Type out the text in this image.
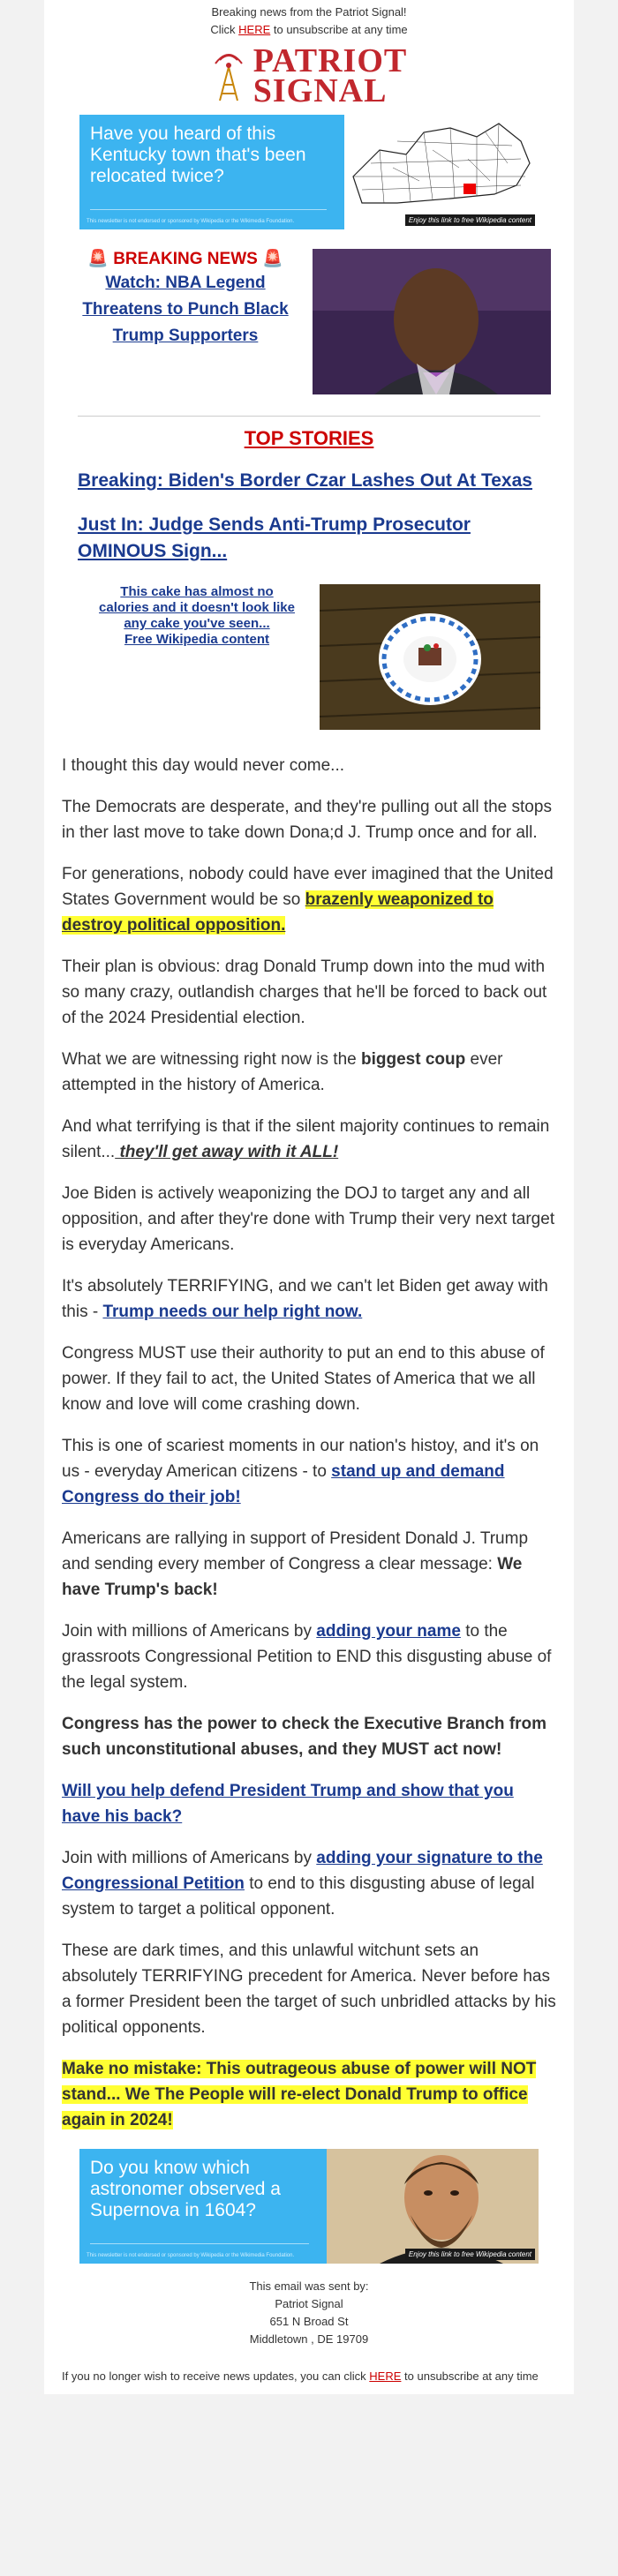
Breaking news from the Patriot Signal!
Click HERE to unsubscribe at any time
PATRIOT
SIGNAL
Have you heard of this Kentucky town that's been relocated twice?
This newsletter is not endorsed or sponsored by Wikipedia or the Wikimedia Foundation.	Enjoy this link to free Wikipedia content
🚨 BREAKING NEWS 🚨
Watch: NBA Legend Threatens to Punch Black Trump Supporters
TOP STORIES
Breaking: Biden's Border Czar Lashes Out At Texas
Just In: Judge Sends Anti-Trump Prosecutor OMINOUS Sign...
This cake has almost no calories and it doesn't look like any cake you've seen...
Free Wikipedia content

I thought this day would never come...

The Democrats are desperate, and they're pulling out all the stops in ther last move to take down Dona;d J. Trump once and for all.

For generations, nobody could have ever imagined that the United States Government would be so brazenly weaponized to destroy political opposition.

Their plan is obvious: drag Donald Trump down into the mud with so many crazy, outlandish charges that he'll be forced to back out of the 2024 Presidential election.

What we are witnessing right now is the biggest coup ever attempted in the history of America.

And what terrifying is that if the silent majority continues to remain silent... they'll get away with it ALL!

Joe Biden is actively weaponizing the DOJ to target any and all opposition, and after they're done with Trump their very next target is everyday Americans.

It's absolutely TERRIFYING, and we can't let Biden get away with this - Trump needs our help right now.

Congress MUST use their authority to put an end to this abuse of power. If they fail to act, the United States of America that we all know and love will come crashing down.

This is one of scariest moments in our nation's histoy, and it's on us - everyday American citizens - to stand up and demand Congress do their job!

Americans are rallying in support of President Donald J. Trump and sending every member of Congress a clear message: We have Trump's back!

Join with millions of Americans by adding your name to the grassroots Congressional Petition to END this disgusting abuse of the legal system.

Congress has the power to check the Executive Branch from such unconstitutional abuses, and they MUST act now!

Will you help defend President Trump and show that you have his back?

Join with millions of Americans by adding your signature to the Congressional Petition to end to this disgusting abuse of legal system to target a political opponent.

These are dark times, and this unlawful witchunt sets an absolutely TERRIFYING precedent for America. Never before has a former President been the target of such unbridled attacks by his political opponents.

Make no mistake: This outrageous abuse of power will NOT stand... We The People will re-elect Donald Trump to office again in 2024!

Do you know which astronomer observed a Supernova in 1604?
This newsletter is not endorsed or sponsored by Wikipedia or the Wikimedia Foundation.	Enjoy this link to free Wikipedia content
This email was sent by:
Patriot Signal
651 N Broad St
Middletown , DE 19709
If you no longer wish to receive news updates, you can click HERE to unsubscribe at any time
